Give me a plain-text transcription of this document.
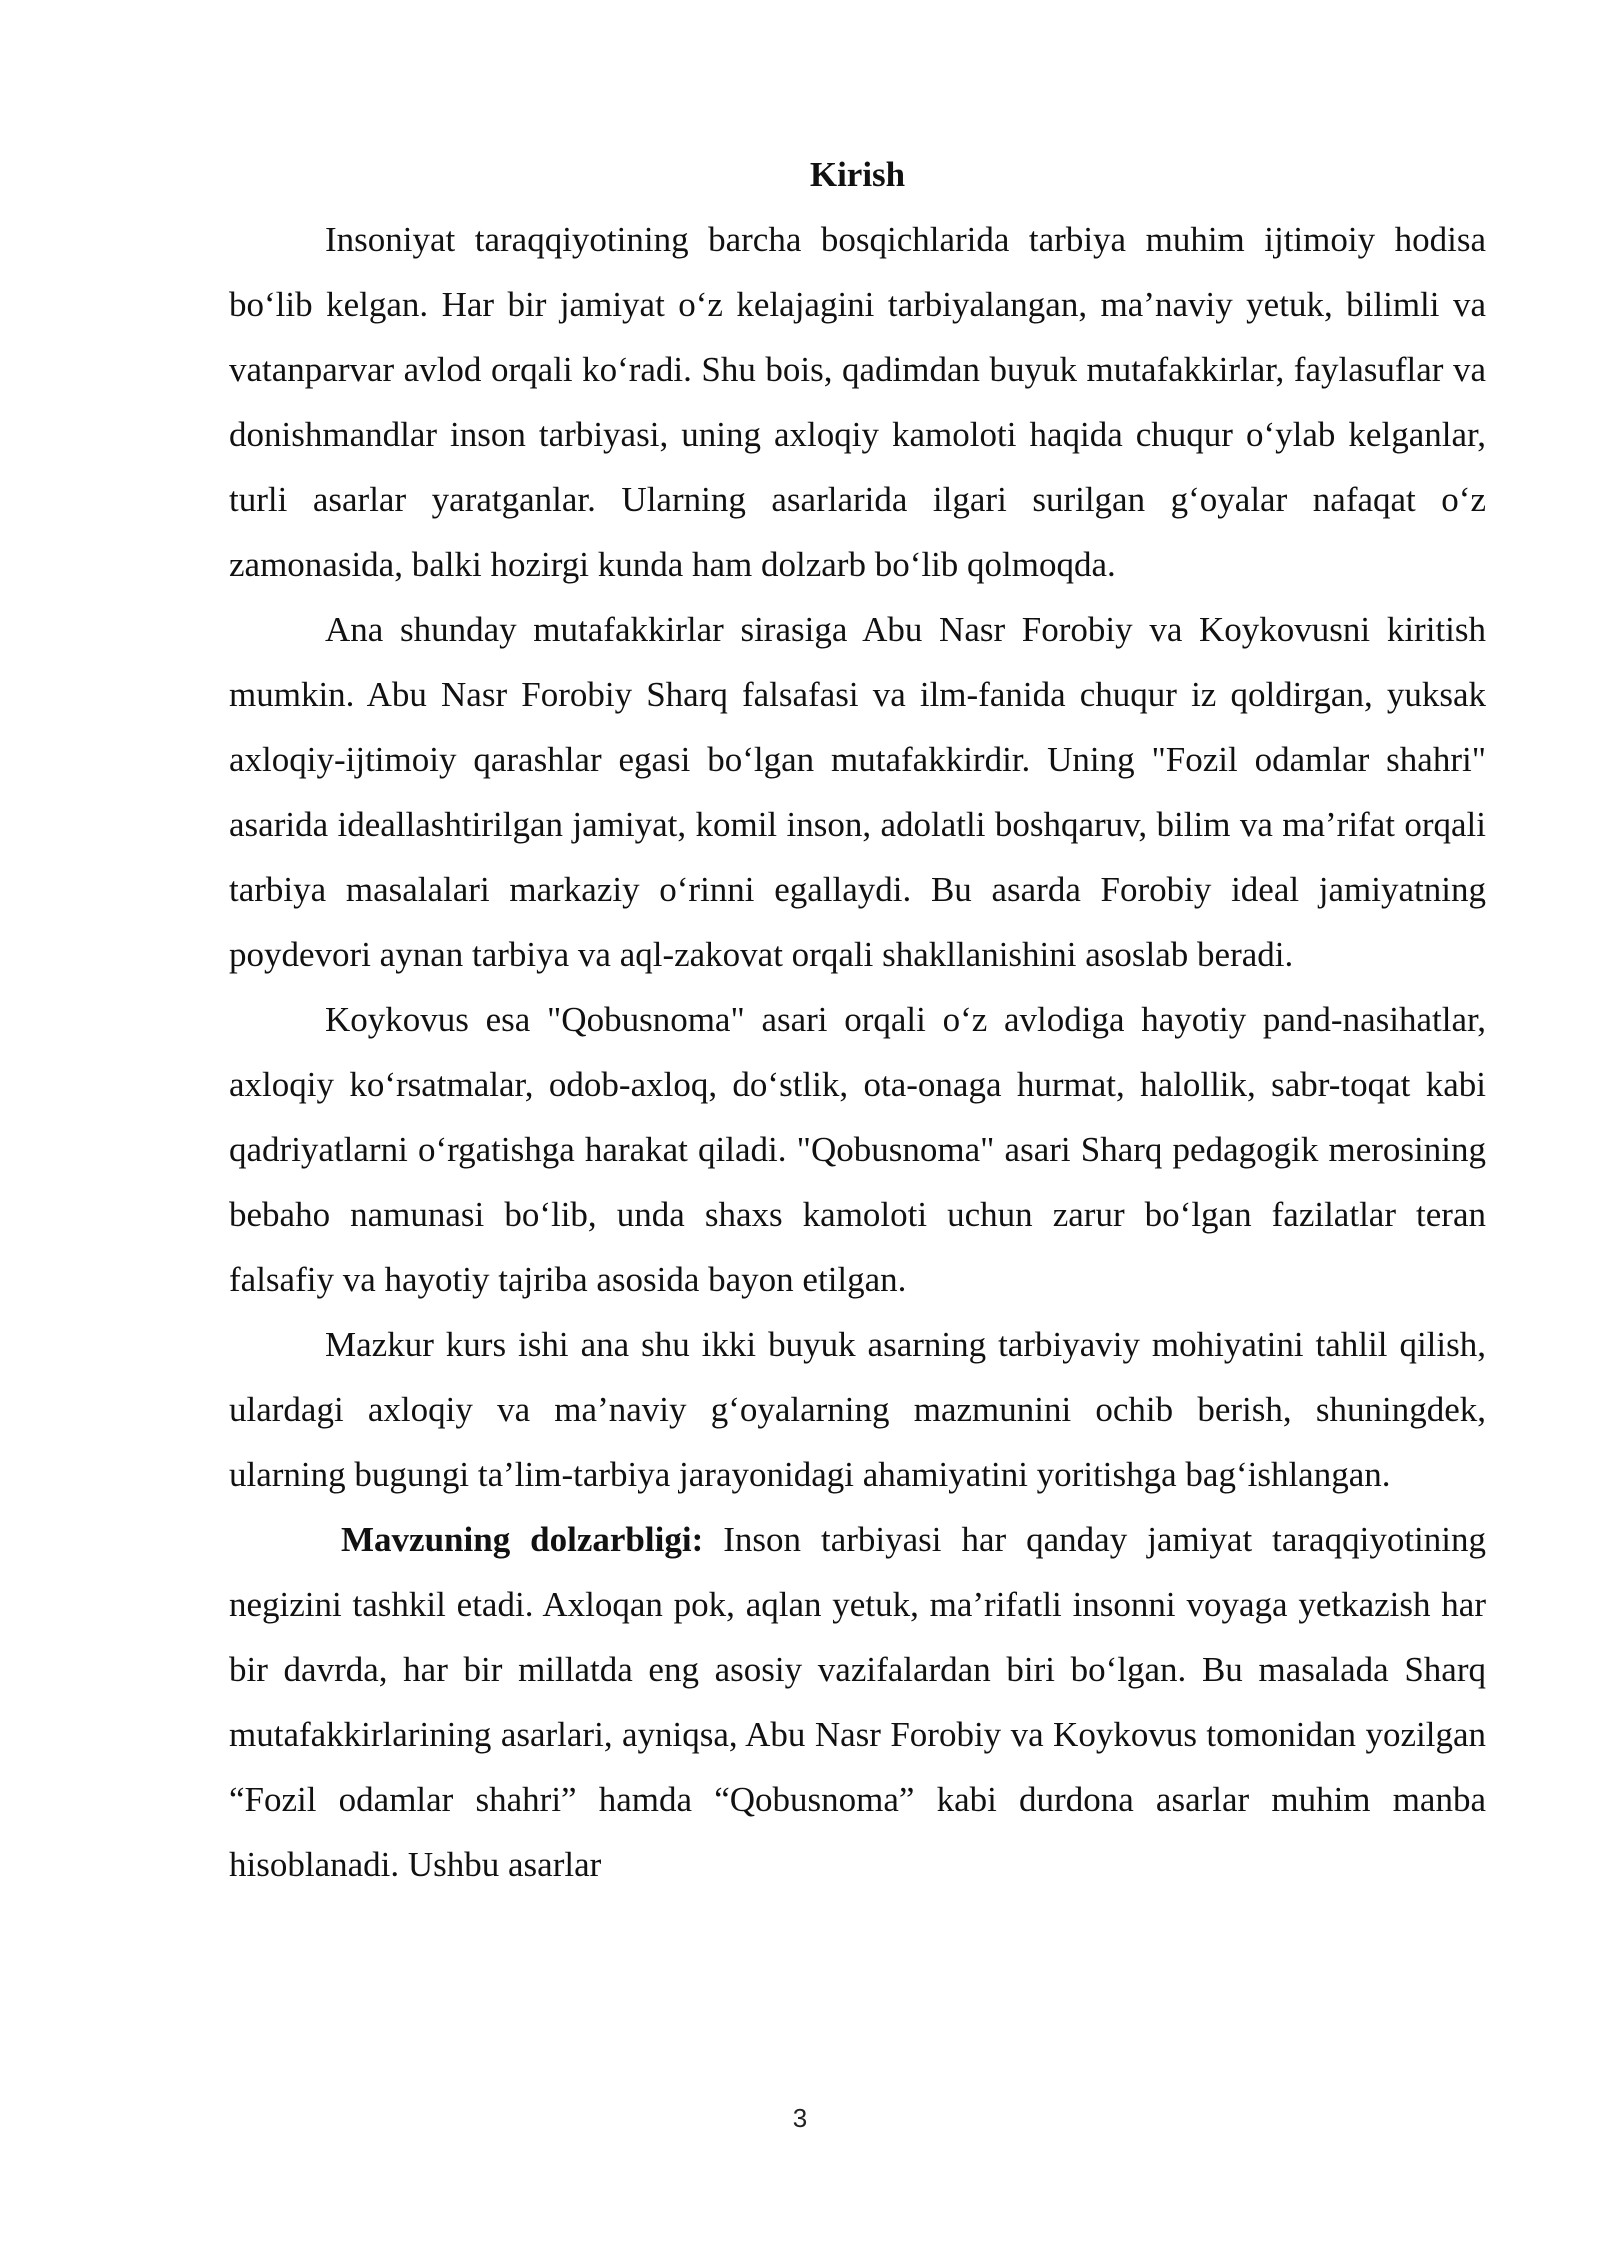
Kirish

Insoniyat taraqqiyotining barcha bosqichlarida tarbiya muhim ijtimoiy hodisa bo‘lib kelgan. Har bir jamiyat o‘z kelajagini tarbiyalangan, ma’naviy yetuk, bilimli va vatanparvar avlod orqali ko‘radi. Shu bois, qadimdan buyuk mutafakkirlar, faylasuflar va donishmandlar inson tarbiyasi, uning axloqiy kamoloti haqida chuqur o‘ylab kelganlar, turli asarlar yaratganlar. Ularning asarlarida ilgari surilgan g‘oyalar nafaqat o‘z zamonasida, balki hozirgi kunda ham dolzarb bo‘lib qolmoqda.

Ana shunday mutafakkirlar sirasiga Abu Nasr Forobiy va Koykovusni kiritish mumkin. Abu Nasr Forobiy Sharq falsafasi va ilm-fanida chuqur iz qoldirgan, yuksak axloqiy-ijtimoiy qarashlar egasi bo‘lgan mutafakkirdir. Uning "Fozil odamlar shahri" asarida ideallashtirilgan jamiyat, komil inson, adolatli boshqaruv, bilim va ma’rifat orqali tarbiya masalalari markaziy o‘rinni egallaydi. Bu asarda Forobiy ideal jamiyatning poydevori aynan tarbiya va aql-zakovat orqali shakllanishini asoslab beradi.

Koykovus esa "Qobusnoma" asari orqali o‘z avlodiga hayotiy pand-nasihatlar, axloqiy ko‘rsatmalar, odob-axloq, do‘stlik, ota-onaga hurmat, halollik, sabr-toqat kabi qadriyatlarni o‘rgatishga harakat qiladi. "Qobusnoma" asari Sharq pedagogik merosining bebaho namunasi bo‘lib, unda shaxs kamoloti uchun zarur bo‘lgan fazilatlar teran falsafiy va hayotiy tajriba asosida bayon etilgan.

Mazkur kurs ishi ana shu ikki buyuk asarning tarbiyaviy mohiyatini tahlil qilish, ulardagi axloqiy va ma’naviy g‘oyalarning mazmunini ochib berish, shuningdek, ularning bugungi ta’lim-tarbiya jarayonidagi ahamiyatini yoritishga bag‘ishlangan.

Mavzuning dolzarbligi: Inson tarbiyasi har qanday jamiyat taraqqiyotining negizini tashkil etadi. Axloqan pok, aqlan yetuk, ma’rifatli insonni voyaga yetkazish har bir davrda, har bir millatda eng asosiy vazifalardan biri bo‘lgan. Bu masalada Sharq mutafakkirlarining asarlari, ayniqsa, Abu Nasr Forobiy va Koykovus tomonidan yozilgan “Fozil odamlar shahri” hamda “Qobusnoma” kabi durdona asarlar muhim manba hisoblanadi. Ushbu asarlar

3
